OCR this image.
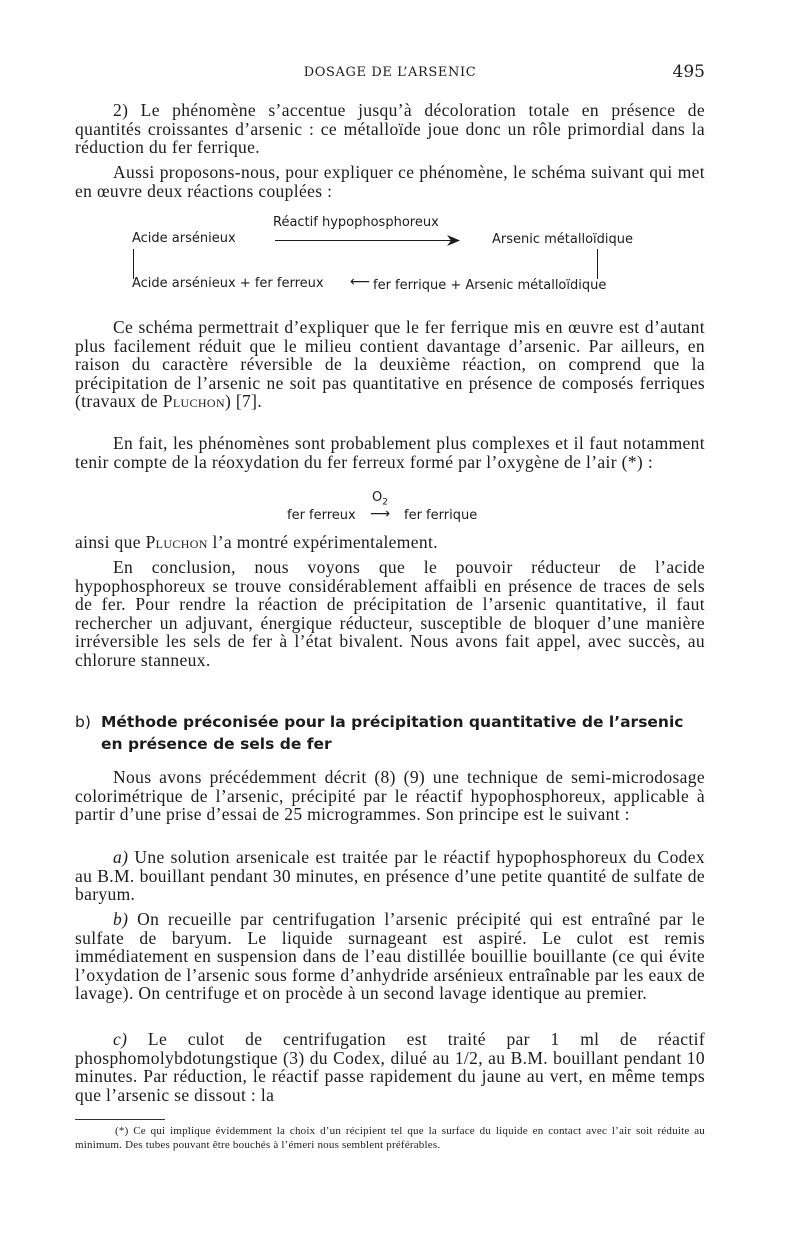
DOSAGE DE L’ARSENIC	495

2) Le phénomène s’accentue jusqu’à décoloration totale en présence de quantités croissantes d’arsenic : ce métalloïde joue donc un rôle primordial dans la réduction du fer ferrique.

Aussi proposons-nous, pour expliquer ce phénomène, le schéma suivant qui met en œuvre deux réactions couplées :

Réactif hypophosphoreux
Acide arsénieux	Arsenic métalloïdique
Acide arsénieux + fer ferreux ⟵ fer ferrique + Arsenic métalloïdique

Ce schéma permettrait d’expliquer que le fer ferrique mis en œuvre est d’autant plus facilement réduit que le milieu contient davantage d’arsenic. Par ailleurs, en raison du caractère réversible de la deuxième réaction, on comprend que la précipitation de l’arsenic ne soit pas quantitative en présence de composés ferriques (travaux de Pluchon) [7].

En fait, les phénomènes sont probablement plus complexes et il faut notamment tenir compte de la réoxydation du fer ferreux formé par l’oxygène de l’air (*) :

$O_2$
fer ferreux ⟶ fer ferrique

ainsi que Pluchon l’a montré expérimentalement.

En conclusion, nous voyons que le pouvoir réducteur de l’acide hypophosphoreux se trouve considérablement affaibli en présence de traces de sels de fer. Pour rendre la réaction de précipitation de l’arsenic quantitative, il faut rechercher un adjuvant, énergique réducteur, susceptible de bloquer d’une manière irréversible les sels de fer à l’état bivalent. Nous avons fait appel, avec succès, au chlorure stanneux.

b) Méthode préconisée pour la précipitation quantitative de l’arsenic en présence de sels de fer

Nous avons précédemment décrit (8) (9) une technique de semi-microdosage colorimétrique de l’arsenic, précipité par le réactif hypophosphoreux, applicable à partir d’une prise d’essai de 25 microgrammes. Son principe est le suivant :

a) Une solution arsenicale est traitée par le réactif hypophosphoreux du Codex au B.M. bouillant pendant 30 minutes, en présence d’une petite quantité de sulfate de baryum.

b) On recueille par centrifugation l’arsenic précipité qui est entraîné par le sulfate de baryum. Le liquide surnageant est aspiré. Le culot est remis immédiatement en suspension dans de l’eau distillée bouillie bouillante (ce qui évite l’oxydation de l’arsenic sous forme d’anhydride arsénieux entraînable par les eaux de lavage). On centrifuge et on procède à un second lavage identique au premier.

c) Le culot de centrifugation est traité par 1 ml de réactif phosphomolybdotungstique (3) du Codex, dilué au 1/2, au B.M. bouillant pendant 10 minutes. Par réduction, le réactif passe rapidement du jaune au vert, en même temps que l’arsenic se dissout : la

(*) Ce qui implique évidemment la choix d’un récipient tel que la surface du liquide en contact avec l’air soit réduite au minimum. Des tubes pouvant être bouchés à l’émeri nous semblent préférables.
